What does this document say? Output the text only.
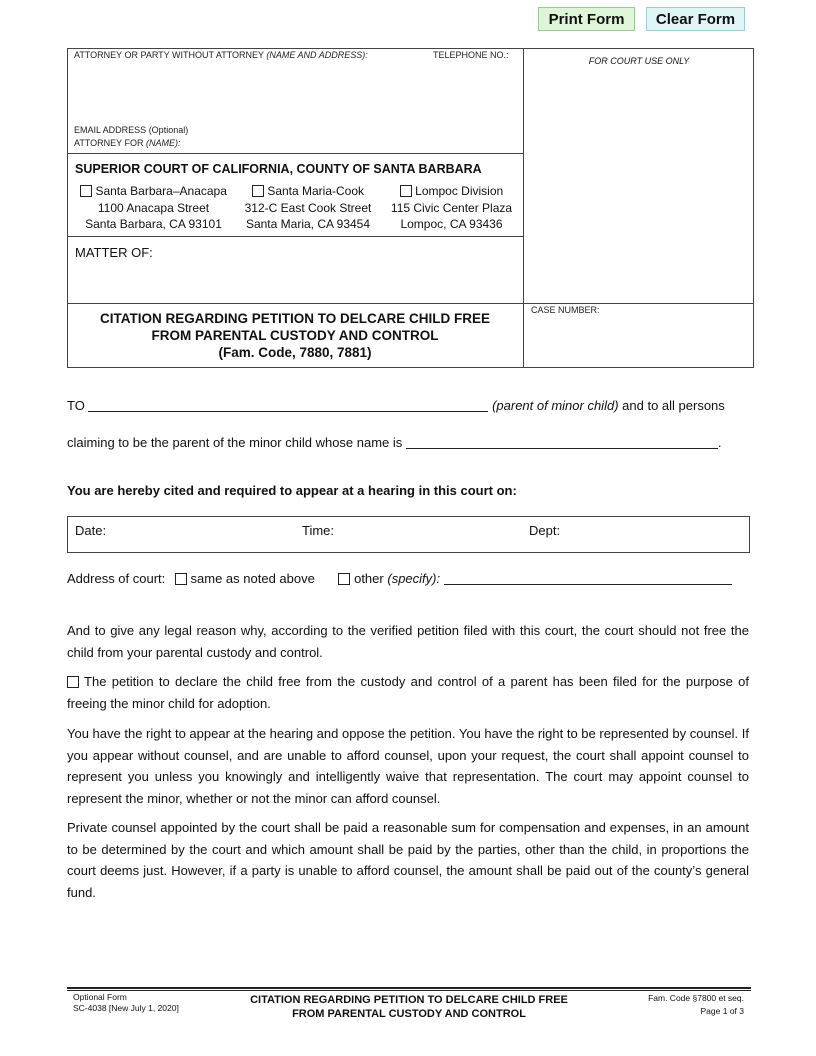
Print Form	Clear Form
ATTORNEY OR PARTY WITHOUT ATTORNEY (NAME AND ADDRESS):	TELEPHONE NO.:
EMAIL ADDRESS (Optional)
ATTORNEY FOR (NAME):
FOR COURT USE ONLY
SUPERIOR COURT OF CALIFORNIA, COUNTY OF SANTA BARBARA
Santa Barbara–Anacapa
1100 Anacapa Street
Santa Barbara, CA 93101
Santa Maria-Cook
312-C East Cook Street
Santa Maria, CA 93454
Lompoc Division
115 Civic Center Plaza
Lompoc, CA 93436
MATTER OF:
CITATION REGARDING PETITION TO DELCARE CHILD FREE
FROM PARENTAL CUSTODY AND CONTROL
(Fam. Code, 7880, 7881)
CASE NUMBER:
TO	(parent of minor child) and to all persons
claiming to be the parent of the minor child whose name is	.
You are hereby cited and required to appear at a hearing in this court on:
Date:	Time:	Dept:
Address of court: same as noted above	other (specify):
And to give any legal reason why, according to the verified petition filed with this court, the court should not free the child from your parental custody and control.
The petition to declare the child free from the custody and control of a parent has been filed for the purpose of freeing the minor child for adoption.
You have the right to appear at the hearing and oppose the petition. You have the right to be represented by counsel. If you appear without counsel, and are unable to afford counsel, upon your request, the court shall appoint counsel to represent you unless you knowingly and intelligently waive that representation. The court may appoint counsel to represent the minor, whether or not the minor can afford counsel.
Private counsel appointed by the court shall be paid a reasonable sum for compensation and expenses, in an amount to be determined by the court and which amount shall be paid by the parties, other than the child, in proportions the court deems just. However, if a party is unable to afford counsel, the amount shall be paid out of the county’s general fund.
Optional Form
SC-4038 [New July 1, 2020]
CITATION REGARDING PETITION TO DELCARE CHILD FREE
FROM PARENTAL CUSTODY AND CONTROL
Fam. Code §7800 et seq.
Page 1 of 3
